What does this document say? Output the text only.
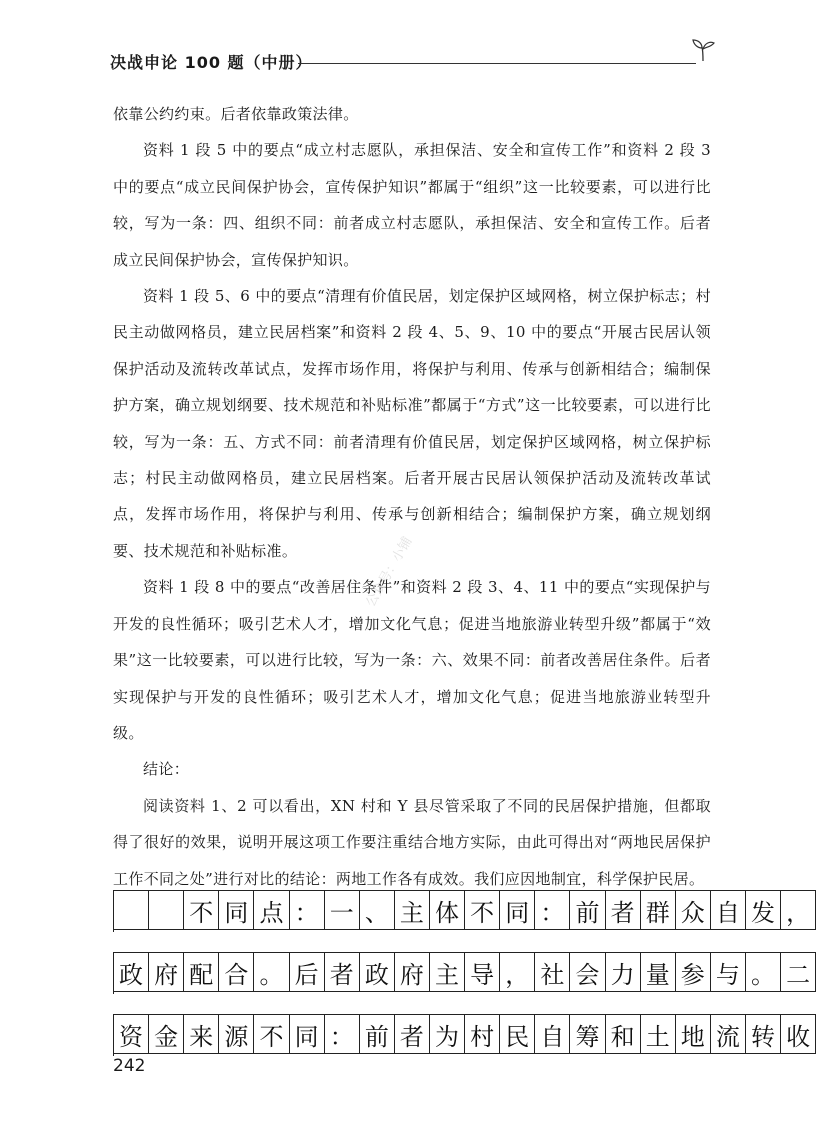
决战申论 100 题（中册）

依靠公约约束。后者依靠政策法律。

资料 1 段 5 中的要点“成立村志愿队，承担保洁、安全和宣传工作”和资料 2 段 3 中的要点“成立民间保护协会，宣传保护知识”都属于“组织”这一比较要素，可以进行比较，写为一条：四、组织不同：前者成立村志愿队，承担保洁、安全和宣传工作。后者成立民间保护协会，宣传保护知识。

资料 1 段 5、6 中的要点“清理有价值民居，划定保护区域网格，树立保护标志；村民主动做网格员，建立民居档案”和资料 2 段 4、5、9、10 中的要点“开展古民居认领保护活动及流转改革试点，发挥市场作用，将保护与利用、传承与创新相结合；编制保护方案，确立规划纲要、技术规范和补贴标准”都属于“方式”这一比较要素，可以进行比较，写为一条：五、方式不同：前者清理有价值民居，划定保护区域网格，树立保护标志；村民主动做网格员，建立民居档案。后者开展古民居认领保护活动及流转改革试点，发挥市场作用，将保护与利用、传承与创新相结合；编制保护方案，确立规划纲要、技术规范和补贴标准。

资料 1 段 8 中的要点“改善居住条件”和资料 2 段 3、4、11 中的要点“实现保护与开发的良性循环；吸引艺术人才，增加文化气息；促进当地旅游业转型升级”都属于“效果”这一比较要素，可以进行比较，写为一条：六、效果不同：前者改善居住条件。后者实现保护与开发的良性循环；吸引艺术人才，增加文化气息；促进当地旅游业转型升级。

结论：

阅读资料 1、2 可以看出，XN 村和 Y 县尽管采取了不同的民居保护措施，但都取得了很好的效果，说明开展这项工作要注重结合地方实际，由此可得出对“两地民居保护工作不同之处”进行对比的结论：两地工作各有成效。我们应因地制宜，科学保护民居。

公众号：小铺
不 同 点 ： 一 、 主 体 不 同 ： 前 者 群 众 自 发 ，
政 府 配 合 。 后 者 政 府 主 导 ， 社 会 力 量 参 与 。 二
资 金 来 源 不 同 ： 前 者 为 村 民 自 筹 和 土 地 流 转 收
242
